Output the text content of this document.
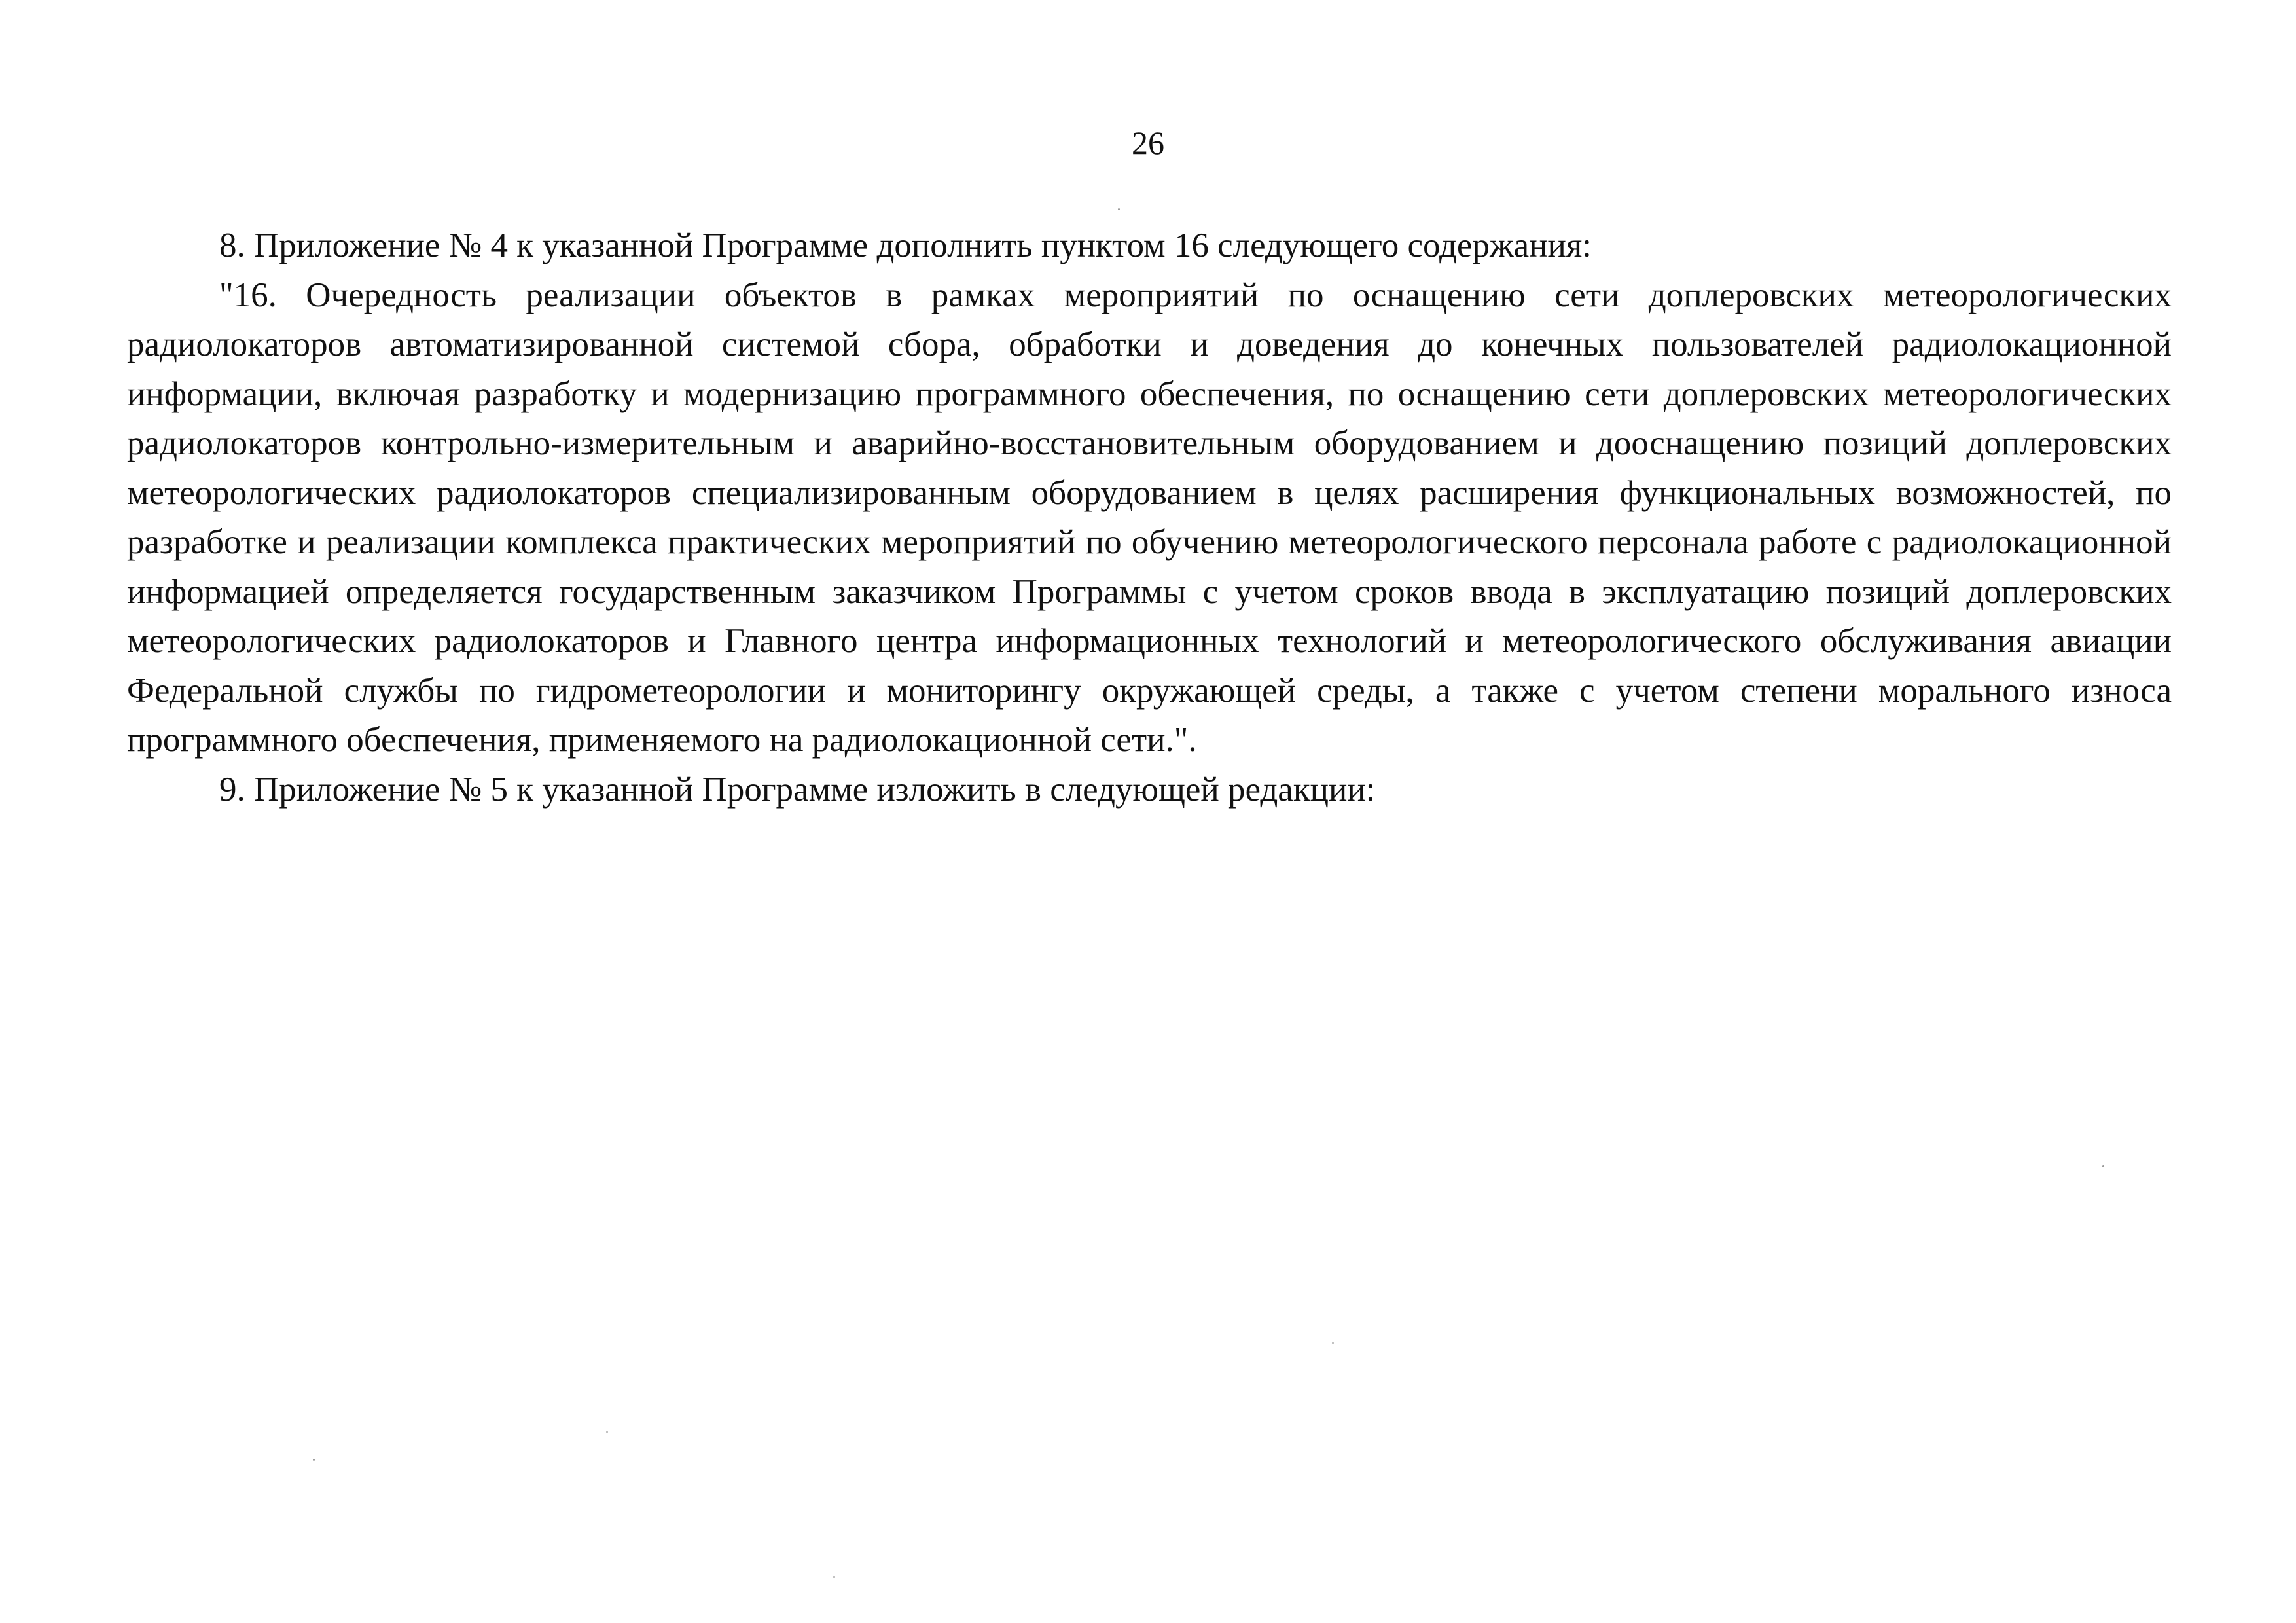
26

8. Приложение № 4 к указанной Программе дополнить пунктом 16 следующего содержания:

"16. Очередность реализации объектов в рамках мероприятий по оснащению сети доплеровских метеорологических радиолокаторов автоматизированной системой сбора, обработки и доведения до конечных пользователей радиолокационной информации, включая разработку и модернизацию программного обеспечения, по оснащению сети доплеровских метеорологических радиолокаторов контрольно-измерительным и аварийно-восстановительным оборудованием и дооснащению позиций доплеровских метеорологических радиолокаторов специализированным оборудованием в целях расширения функциональных возможностей, по разработке и реализации комплекса практических мероприятий по обучению метеорологического персонала работе с радиолокационной информацией определяется государственным заказчиком Программы с учетом сроков ввода в эксплуатацию позиций доплеровских метеорологических радиолокаторов и Главного центра информационных технологий и метеорологического обслуживания авиации Федеральной службы по гидрометеорологии и мониторингу окружающей среды, а также с учетом степени морального износа программного обеспечения, применяемого на радиолокационной сети.".

9. Приложение № 5 к указанной Программе изложить в следующей редакции:
